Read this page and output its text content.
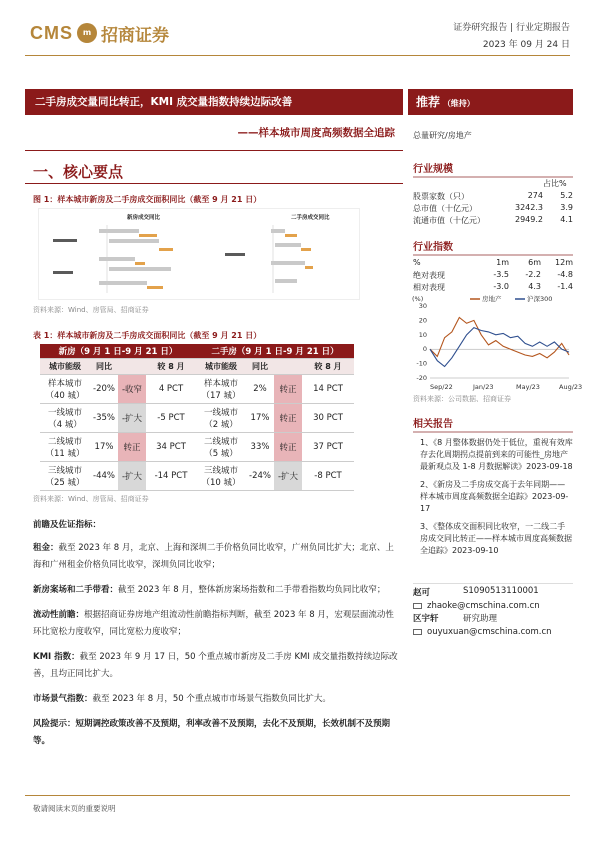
CMS	m 招商证券	证券研究报告 | 行业定期报告
2023 年 09 月 24 日
二手房成交量同比转正，KMI 成交量指数持续边际改善
——样本城市周度高频数据全追踪
推荐 （维持）
总量研究/房地产
一、核心要点
图 1：样本城市新房及二手房成交面积同比（截至 9 月 21 日）
新房成交同比	二手房成交同比
资料来源：Wind、房管局、招商证券
表 1：样本城市新房及二手房成交面积同比（截至 9 月 21 日）
新房（9 月 1 日-9 月 21 日）				二手房（9 月 1 日-9 月 21 日）			
城市能级	同比		较 8 月	城市能级	同比		较 8 月
样本城市（40 城）	-20%	-收窄	4 PCT	样本城市（17 城）	2%	转正	14 PCT
一线城市（4 城）	-35%	-扩大	-5 PCT	一线城市（2 城）	17%	转正	30 PCT
二线城市（11 城）	17%	转正	34 PCT	二线城市（5 城）	33%	转正	37 PCT
三线城市（25 城）	-44%	-扩大	-14 PCT	三线城市（10 城）	-24%	-扩大	-8 PCT
资料来源：Wind、房管局、招商证券
前瞻及佐证指标：
租金：截至 2023 年 8 月，北京、上海和深圳二手价格负同比收窄，广州负同比扩大；北京、上海和广州租金价格负同比收窄，深圳负同比收窄；
新房案场和二手带看：截至 2023 年 8 月，整体新房案场指数和二手带看指数均负同比收窄；
流动性前瞻：根据招商证券房地产组流动性前瞻指标判断，截至 2023 年 8 月，宏观层面流动性环比宽松力度收窄，同比宽松力度收窄；
KMI 指数：截至 2023 年 9 月 17 日，50 个重点城市新房及二手房 KMI 成交量指数持续边际改善，且均正同比扩大。
市场景气指数：截至 2023 年 8 月，50 个重点城市市场景气指数负同比扩大。
风险提示：短期调控政策改善不及预期，利率改善不及预期，去化不及预期，长效机制不及预期等。
行业规模
占比%
股票家数（只）	274	5.2
总市值（十亿元）	3242.3	3.9
流通市值（十亿元）	2949.2	4.1
行业指数
%	1m	6m	12m
绝对表现	-3.5	-2.2	-4.8
相对表现	-3.0	4.3	-1.4
(%)
30
20
10
0
-10
-20
Sep/22	Jan/23	May/23	Aug/23
房地产	沪深300
资料来源：公司数据、招商证券
相关报告
1、《8 月整体数据仍处于低位，重视有效库存去化周期拐点提前到来的可能性_房地产最新观点及 1-8 月数据解读》2023-09-18
2、《新房及二手房成交高于去年同期——样本城市周度高频数据全追踪》2023-09-17
3、《整体成交面积同比收窄，一二线二手房成交同比转正——样本城市周度高频数据全追踪》2023-09-10
赵可	S1090513110001
zhaoke@cmschina.com.cn
区宇轩	研究助理
ouyuxuan@cmschina.com.cn
敬请阅读末页的重要说明
